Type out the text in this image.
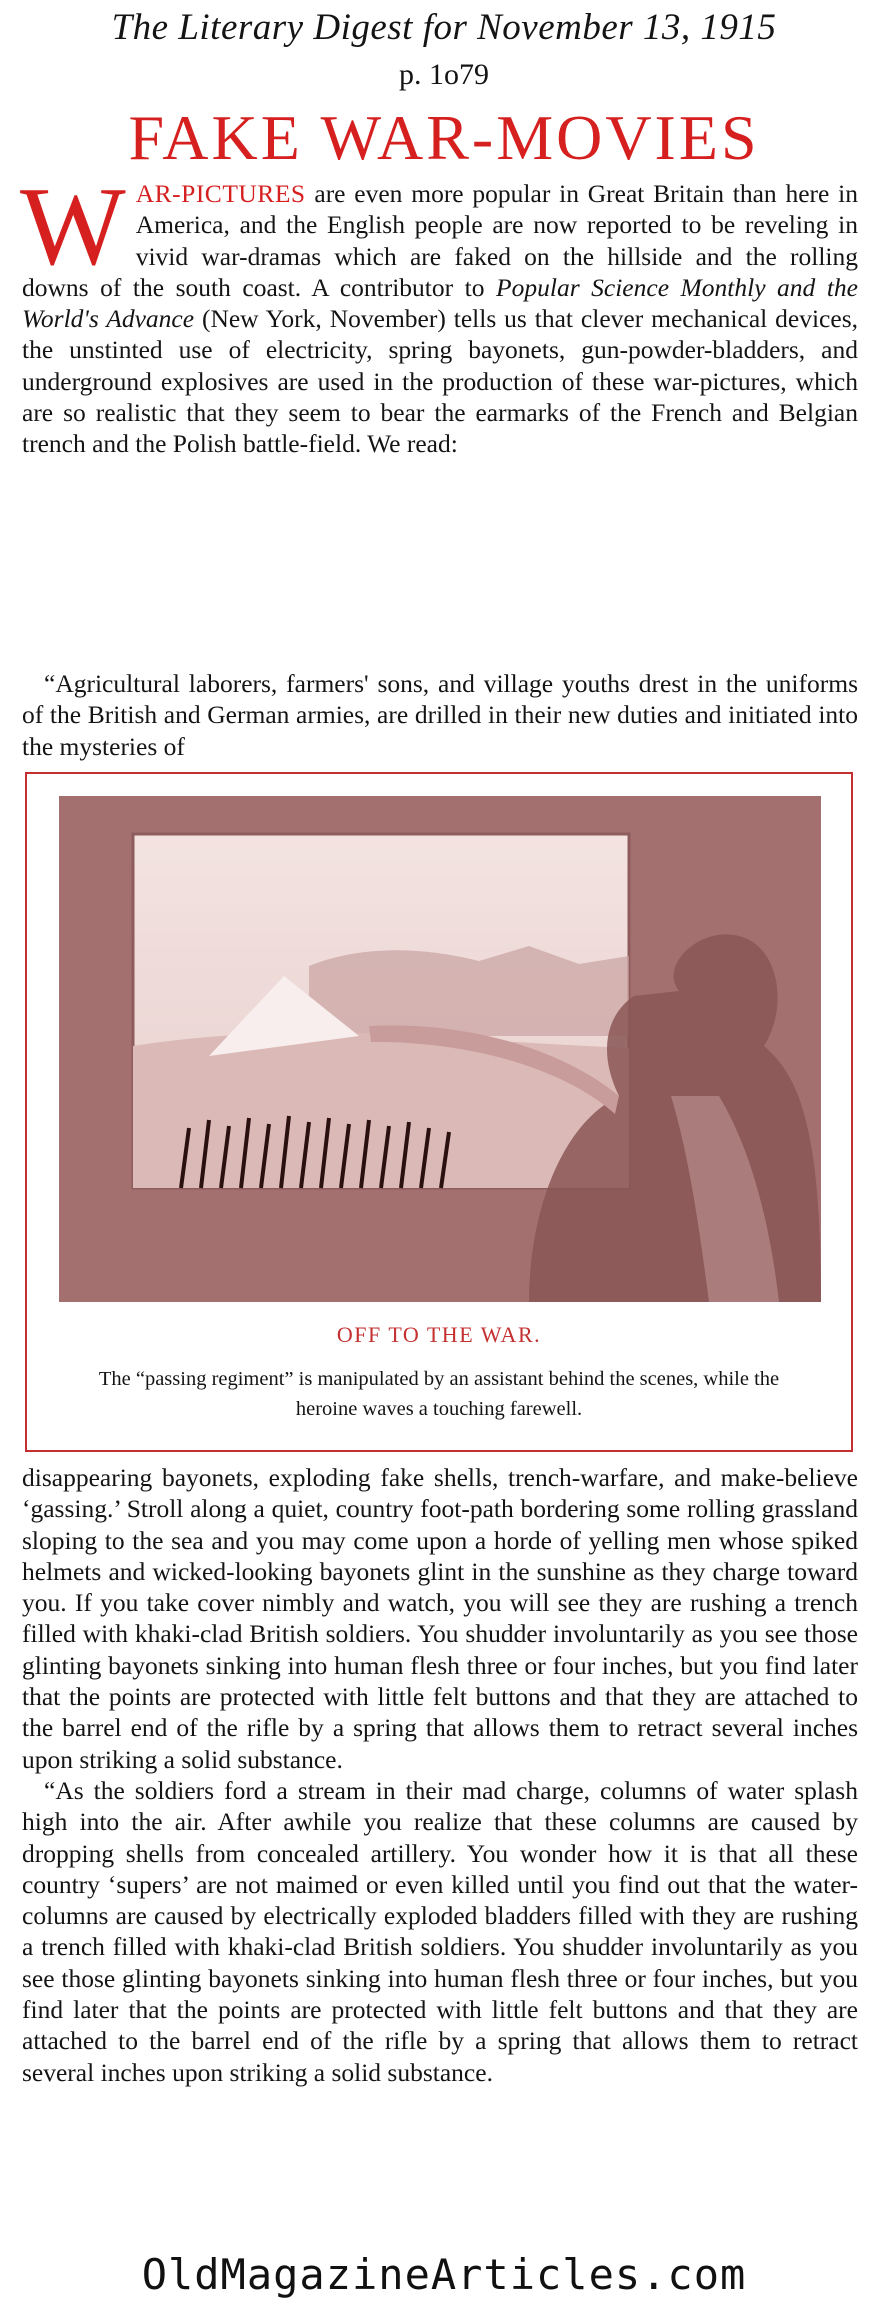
The Literary Digest for November 13, 1915
p. 1o79
FAKE WAR-MOVIES
WAR-PICTURES are even more popular in Great Britain than here in America, and the English people are now reported to be reveling in vivid war-dramas which are faked on the hillside and the rolling downs of the south coast. A contributor to Popular Science Monthly and the World's Advance (New York, November) tells us that clever mechanical devices, the unstinted use of electricity, spring bayonets, gun-powder-bladders, and underground explosives are used in the production of these war-pictures, which are so realistic that they seem to bear the earmarks of the French and Belgian trench and the Polish battle-field. We read:

“Agricultural laborers, farmers' sons, and village youths drest in the uniforms of the British and German armies, are drilled in their new duties and initiated into the mysteries of

OFF TO THE WAR.
The “passing regiment” is manipulated by an assistant behind the scenes, while the heroine waves a touching farewell.

disappearing bayonets, exploding fake shells, trench-warfare, and make-believe ‘gassing.’ Stroll along a quiet, country foot-path bordering some rolling grassland sloping to the sea and you may come upon a horde of yelling men whose spiked helmets and wicked-looking bayonets glint in the sunshine as they charge toward you. If you take cover nimbly and watch, you will see they are rushing a trench filled with khaki-clad British soldiers. You shudder involuntarily as you see those glinting bayonets sinking into human flesh three or four inches, but you find later that the points are protected with little felt buttons and that they are attached to the barrel end of the rifle by a spring that allows them to retract several inches upon striking a solid substance.

“As the soldiers ford a stream in their mad charge, columns of water splash high into the air. After awhile you realize that these columns are caused by dropping shells from concealed artillery. You wonder how it is that all these country ‘supers’ are not maimed or even killed until you find out that the water-columns are caused by electrically exploded bladders filled with they are rushing a trench filled with khaki-clad British soldiers. You shudder involuntarily as you see those glinting bayonets sinking into human flesh three or four inches, but you find later that the points are protected with little felt buttons and that they are attached to the barrel end of the rifle by a spring that allows them to retract several inches upon striking a solid substance.

OldMagazineArticles.com
